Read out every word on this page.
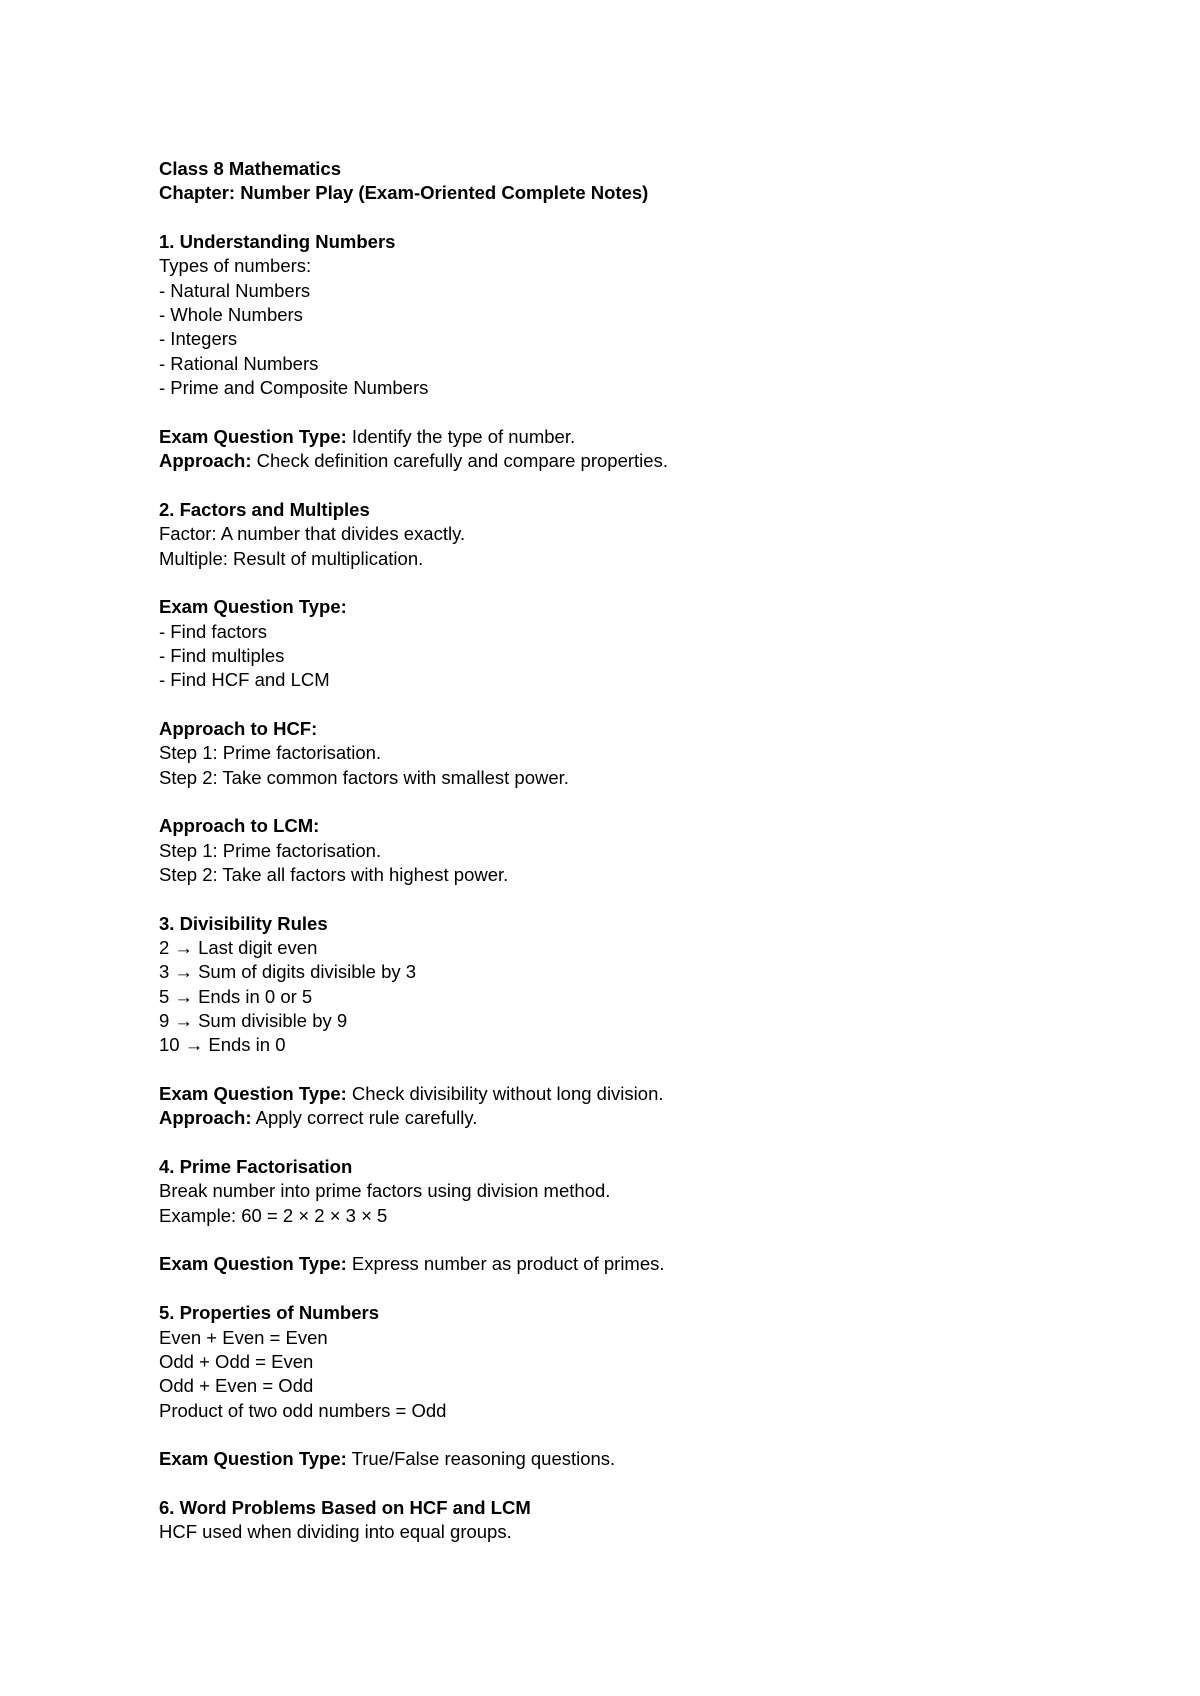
Class 8 Mathematics
Chapter: Number Play (Exam-Oriented Complete Notes)
1. Understanding Numbers
Types of numbers:
- Natural Numbers
- Whole Numbers
- Integers
- Rational Numbers
- Prime and Composite Numbers
Exam Question Type: Identify the type of number.
Approach: Check definition carefully and compare properties.
2. Factors and Multiples
Factor: A number that divides exactly.
Multiple: Result of multiplication.
Exam Question Type:
- Find factors
- Find multiples
- Find HCF and LCM
Approach to HCF:
Step 1: Prime factorisation.
Step 2: Take common factors with smallest power.
Approach to LCM:
Step 1: Prime factorisation.
Step 2: Take all factors with highest power.
3. Divisibility Rules
2 → Last digit even
3 → Sum of digits divisible by 3
5 → Ends in 0 or 5
9 → Sum divisible by 9
10 → Ends in 0
Exam Question Type: Check divisibility without long division.
Approach: Apply correct rule carefully.
4. Prime Factorisation
Break number into prime factors using division method.
Example: 60 = 2 × 2 × 3 × 5
Exam Question Type: Express number as product of primes.
5. Properties of Numbers
Even + Even = Even
Odd + Odd = Even
Odd + Even = Odd
Product of two odd numbers = Odd
Exam Question Type: True/False reasoning questions.
6. Word Problems Based on HCF and LCM
HCF used when dividing into equal groups.
